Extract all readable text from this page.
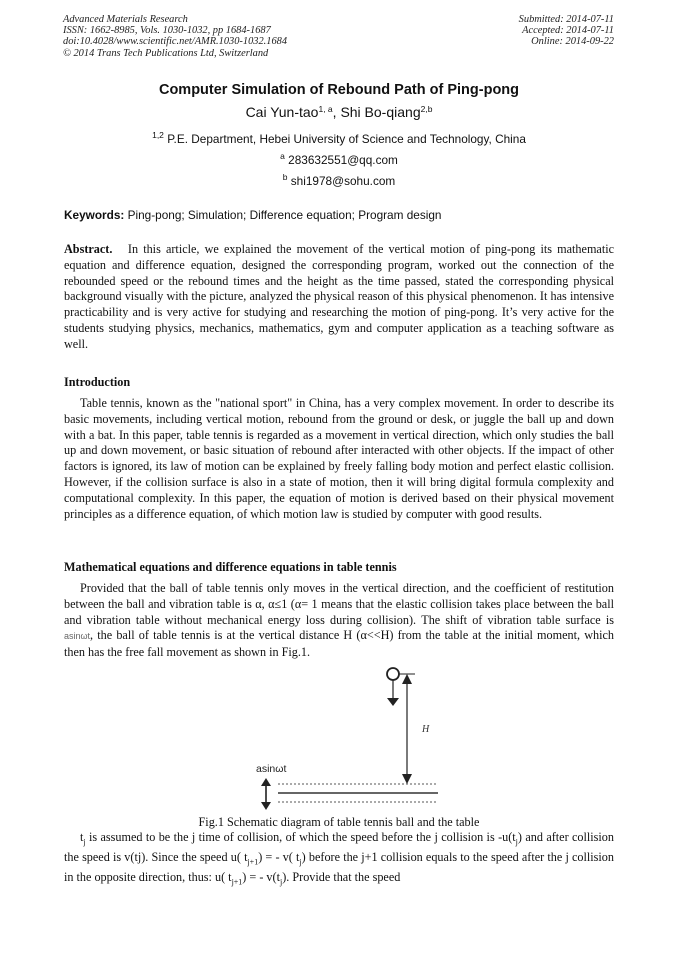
Advanced Materials Research
ISSN: 1662-8985, Vols. 1030-1032, pp 1684-1687
doi:10.4028/www.scientific.net/AMR.1030-1032.1684
© 2014 Trans Tech Publications Ltd, Switzerland
Submitted: 2014-07-11
Accepted: 2014-07-11
Online: 2014-09-22
Computer Simulation of Rebound Path of Ping-pong
Cai Yun-tao$^{1, a}$, Shi Bo-qiang$^{2,b}$
$^{1,2}$ P.E. Department, Hebei University of Science and Technology, China
$^a$ 283632551@qq.com
$^b$ shi1978@sohu.com
Keywords: Ping-pong; Simulation; Difference equation; Program design

Abstract. In this article, we explained the movement of the vertical motion of ping-pong its mathematic equation and difference equation, designed the corresponding program, worked out the connection of the rebounded speed or the rebound times and the height as the time passed, stated the corresponding physical background visually with the picture, analyzed the physical reason of this physical phenomenon. It has intensive practicability and is very active for studying and researching the motion of ping-pong. It’s very active for the students studying physics, mechanics, mathematics, gym and computer application as a teaching software as well.

Introduction

Table tennis, known as the "national sport" in China, has a very complex movement. In order to describe its basic movements, including vertical motion, rebound from the ground or desk, or juggle the ball up and down with a bat. In this paper, table tennis is regarded as a movement in vertical direction, which only studies the ball up and down movement, or basic situation of rebound after interacted with other objects. If the impact of other factors is ignored, its law of motion can be explained by freely falling body motion and perfect elastic collision. However, if the collision surface is also in a state of motion, then it will bring digital formula complexity and computational complexity. In this paper, the equation of motion is derived based on their physical movement principles as a difference equation, of which motion law is studied by computer with good results.

Mathematical equations and difference equations in table tennis

Provided that the ball of table tennis only moves in the vertical direction, and the coefficient of restitution between the ball and vibration table is α, α≤1 (α= 1 means that the elastic collision takes place between the ball and vibration table without mechanical energy loss during collision). The shift of vibration table surface is asinωt, the ball of table tennis is at the vertical distance H (α<<H) from the table at the initial moment, which then has the free fall movement as shown in Fig.1.

H
asinωt
Fig.1 Schematic diagram of table tennis ball and the table

$t_j$ is assumed to be the j time of collision, of which the speed before the j collision is $-u(t_j)$ and after collision the speed is v(tj). Since the speed u( $t_{j+1}$) = - v( $t_j$) before the j+1 collision equals to the speed after the j collision in the opposite direction, thus: u( $t_{j+1}$) = - $v(t_j)$. Provide that the speed
